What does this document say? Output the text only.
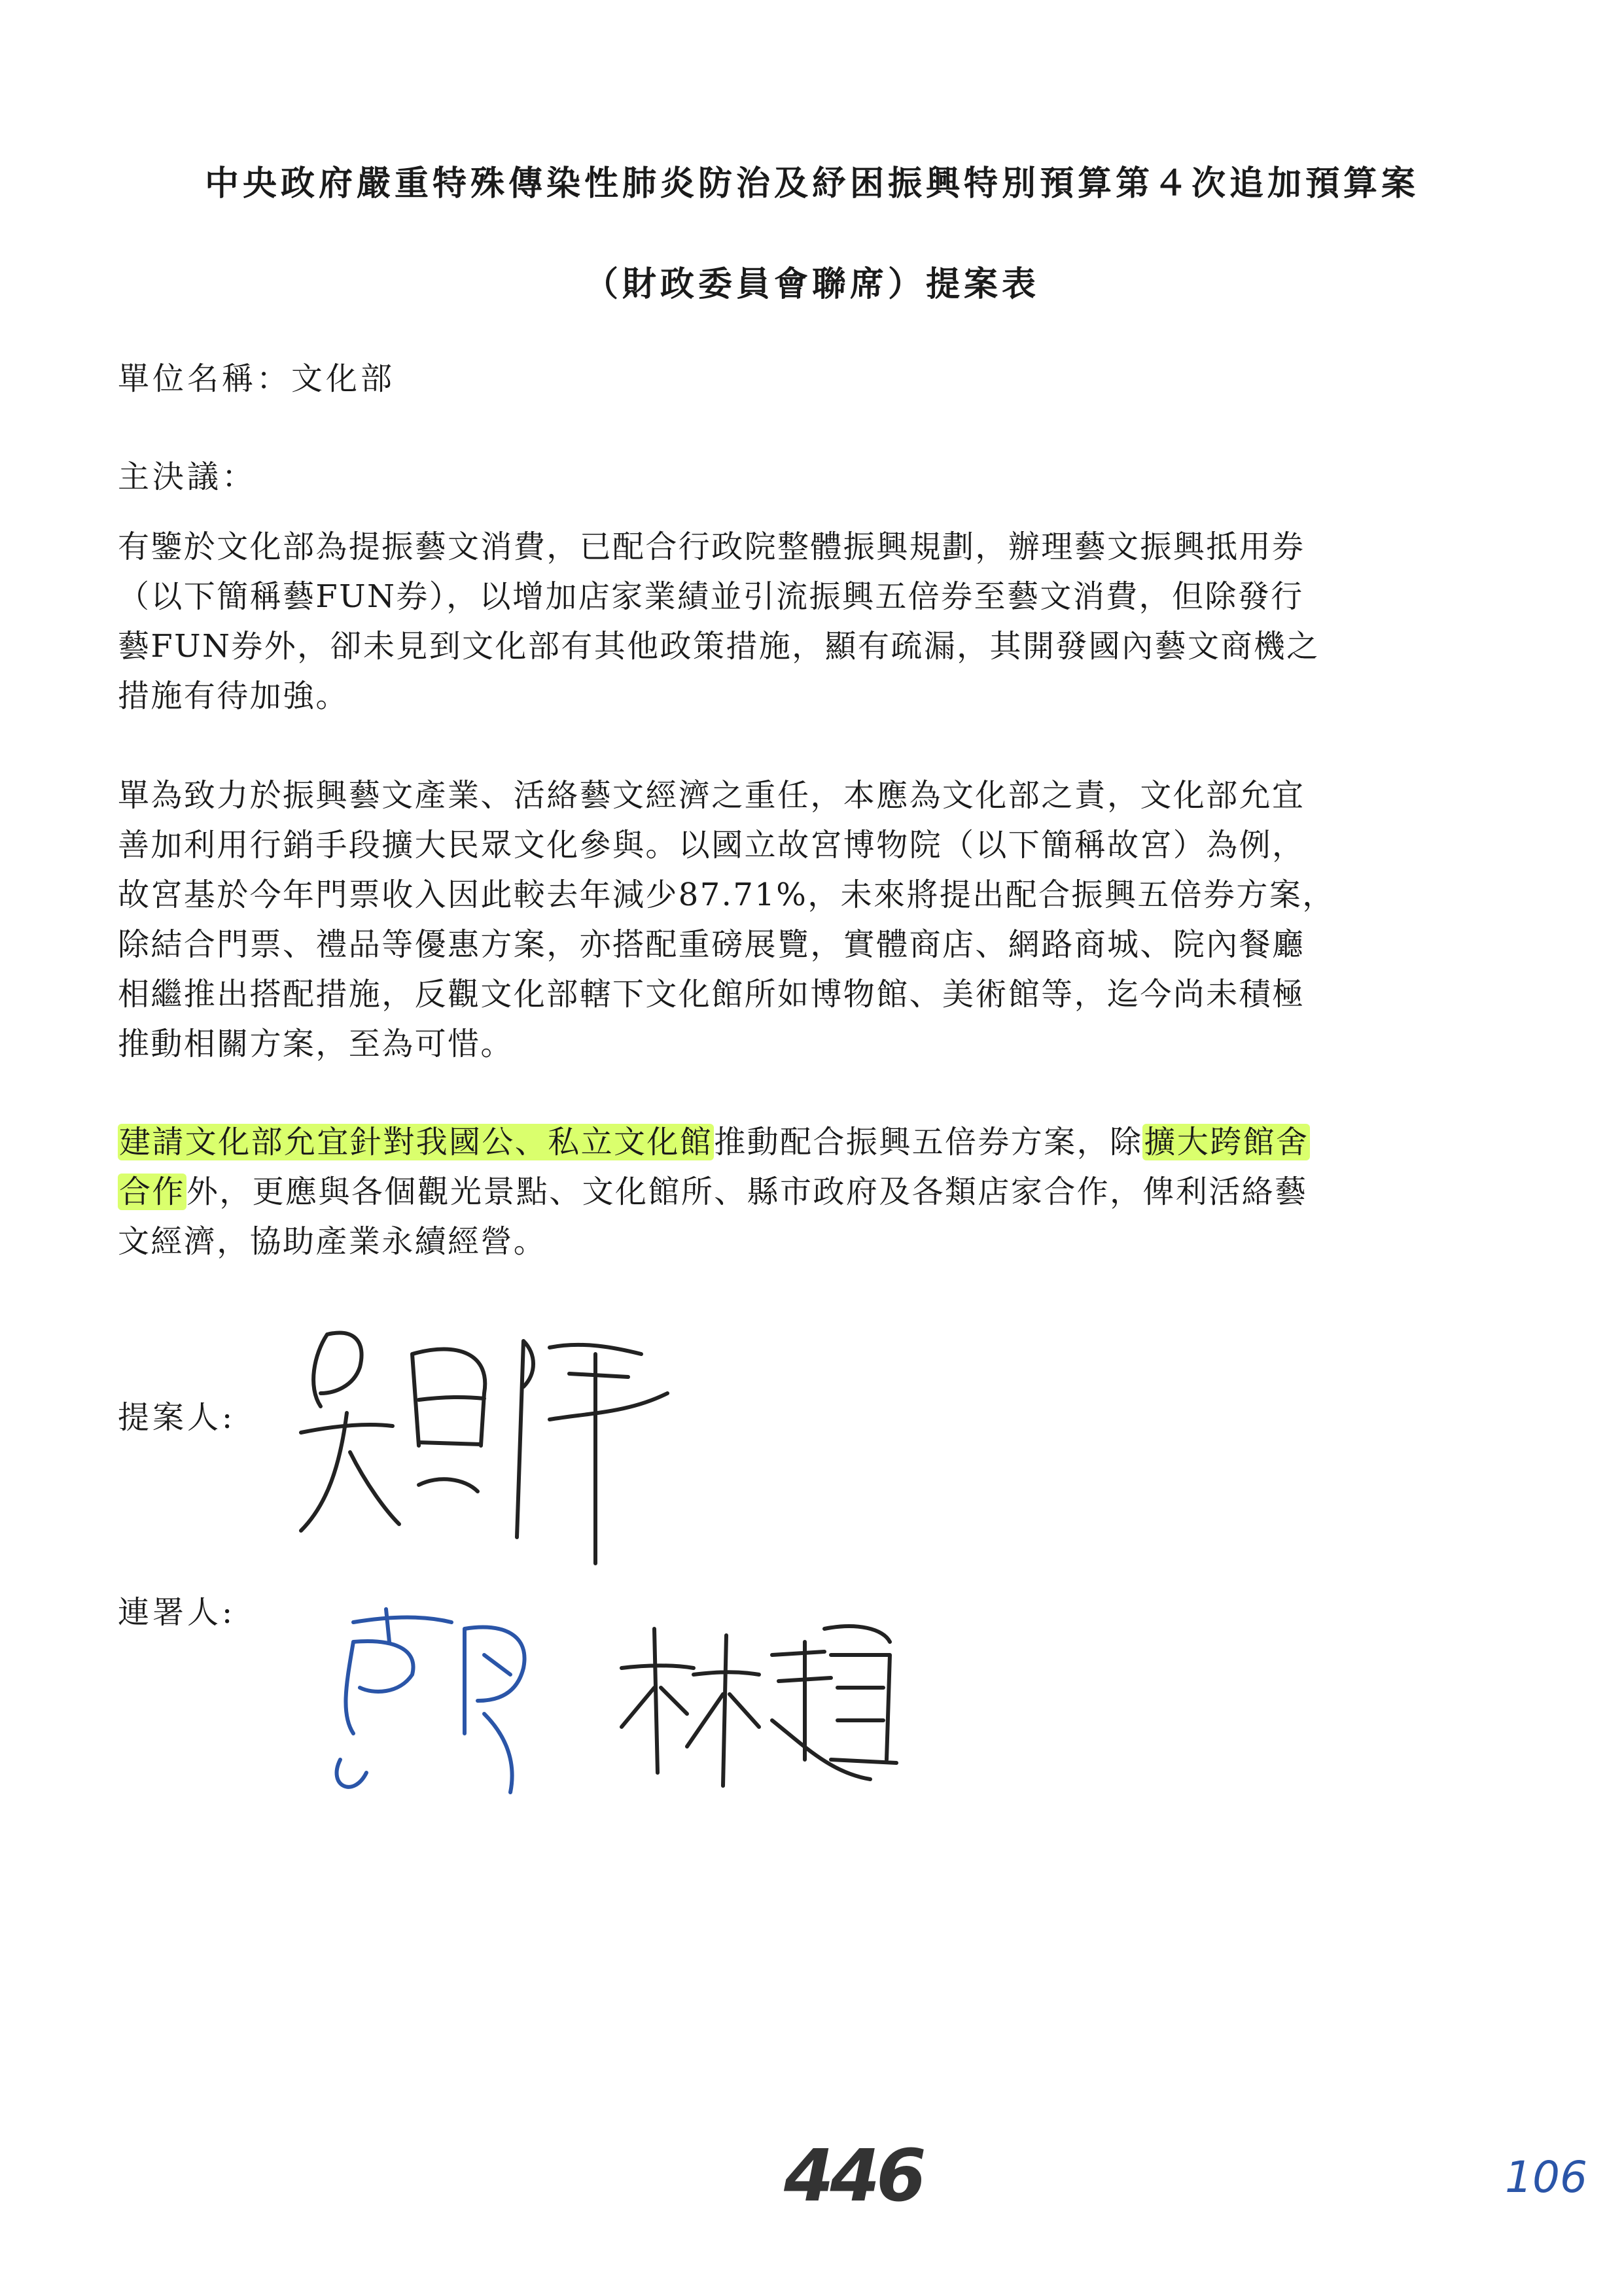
中央政府嚴重特殊傳染性肺炎防治及紓困振興特別預算第４次追加預算案
（財政委員會聯席）提案表
單位名稱：文化部
主決議：
有鑒於文化部為提振藝文消費，已配合行政院整體振興規劃，辦理藝文振興抵用券
（以下簡稱藝FUN券），以增加店家業績並引流振興五倍券至藝文消費，但除發行
藝FUN券外，卻未見到文化部有其他政策措施，顯有疏漏，其開發國內藝文商機之
措施有待加強。
單為致力於振興藝文產業、活絡藝文經濟之重任，本應為文化部之責，文化部允宜
善加利用行銷手段擴大民眾文化參與。以國立故宮博物院（以下簡稱故宮）為例，
故宮基於今年門票收入因此較去年減少87.71%，未來將提出配合振興五倍券方案，
除結合門票、禮品等優惠方案，亦搭配重磅展覽，實體商店、網路商城、院內餐廳
相繼推出搭配措施，反觀文化部轄下文化館所如博物館、美術館等，迄今尚未積極
推動相關方案，至為可惜。
建請文化部允宜針對我國公、私立文化館推動配合振興五倍券方案，除擴大跨館舍
合作外，更應與各個觀光景點、文化館所、縣市政府及各類店家合作，俾利活絡藝
文經濟，協助產業永續經營。
提案人:
連署人:
446	106
